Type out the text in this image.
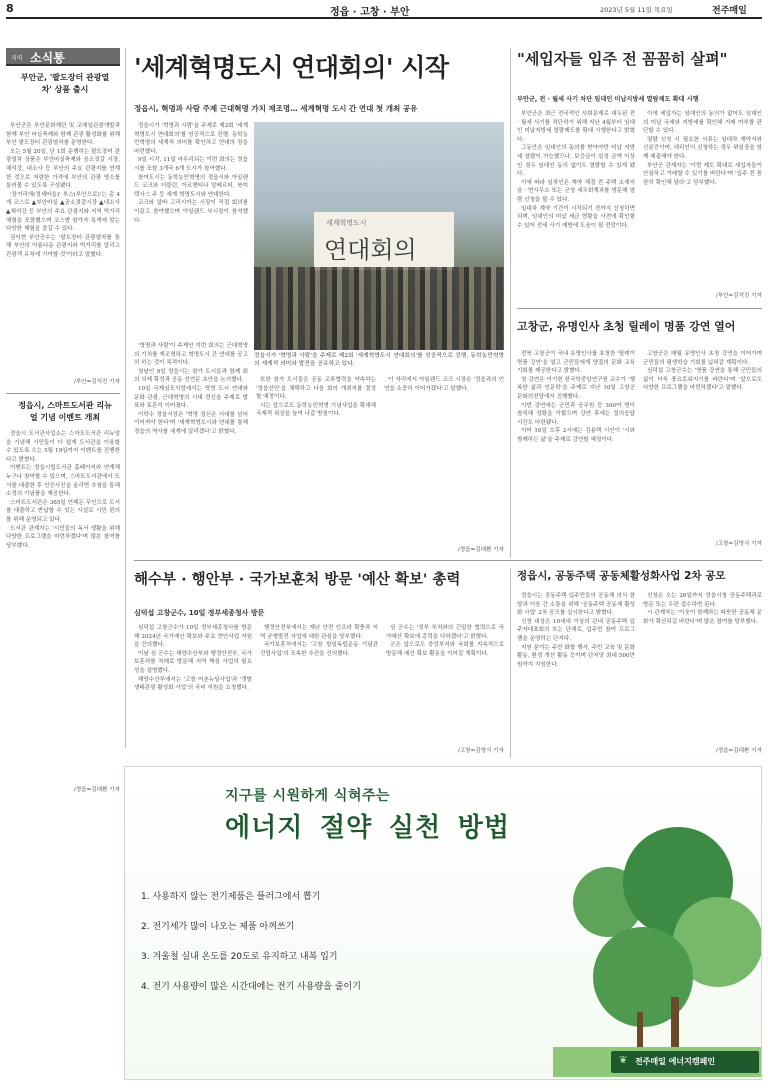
8	정읍 · 고창 · 부안	2023년 5월 11일 목요일	전주매일
지역 소식통
부안군, '팔도장터 관광열차' 상품 출시

부안군은 부안문화재단 및 코레일관광개발과 함께 부안 마실축제와 함께 관광 활성화를 위해 부안 팔도장터 관광열차를 운영한다.

오는 5월 20일, 단 1회 운행하는 팔도장터 관광열차 상품은 부안마실축제와 곰소젓갈 시장, 채석강, 내소사 등 부안의 주요 관광지를 연계한 것으로 저렴한 가격에 부안의 관광 명소를 둘러볼 수 있도록 구성됐다.

'장거리에(정세마을)' 부스(부안으로)'는 총 4개 코스로 ▲부안마실 ▲곰소젓갈시장 ▲내소사 ▲채석강 등 부안의 주요 관광지와 지역 먹거리 체험을 포함했으며 코스별 참가자 특색에 맞는 다양한 체험을 즐길 수 있다.

권익현 부안군수는 '팔도장터 관광열차를 통해 부안의 아름다운 관광지와 먹거리를 알리고 관광객 유치에 기여할 것'이라고 말했다.

/부안=김석진 기자
정읍시, 스마트도서관 리뉴얼 기념 이벤트 개최

정읍시 도서관사업소는 스마트도서관 리뉴얼을 기념해 시민들이 더 쉽게 도서관을 이용할 수 있도록 오는 5월 19일까지 이벤트를 진행한다고 밝혔다.

이벤트는 정읍시립도서관 홈페이지와 연계해 누구나 참여할 수 있으며, 스마트도서관에서 도서를 대출한 후 인증사진을 올리면 추첨을 통해 소정의 기념품을 제공한다.

스마트도서관은 365일 언제든 무인으로 도서를 대출하고 반납할 수 있는 시설로 시민 편의를 위해 운영되고 있다.

도서관 관계자는 '시민들의 독서 생활을 위해 다양한 프로그램을 마련하겠다'며 많은 참여를 당부했다.

/정읍=김대환 기자
'세계혁명도시 연대회의' 시작
정읍시, 혁명과 사람 주제 근대혁명 가치 재조명… 세계혁명 도시 간 연대 첫 개최 공유

정읍시가 '혁명과 사람'을 주제로 제2회 '세계혁명도시 연대회의'를 성공적으로 진행, 동학농민혁명의 세계적 의미를 확인하고 연대의 장을 마련했다.

9일 시작, 11일 마무리되는 이번 회의는 정읍시를 포함 3개국 6개 도시가 참여했다.

참여도시는 동학농민혁명의 정읍시와 아일랜드 코크와 더블린, 아르헨티나 알베르티, 북미 텍사스 주 등 세계 혁명도시와 연대한다.

코크와 알바 고리시아는 시장이 직접 회의를 이끌고 참여했으며 아일랜드 부시장이 참석했다.	세계혁명도시
연대회의
정읍시가 '혁명과 사람'을 주제로 제2회 '세계혁명도시 연대회의'를 성공적으로 진행, 동학농민혁명의 세계적 의미와 발전을 공유하고 있다.

'혁명과 사람'이 주제인 이번 회의는 근대혁명의 가치를 재조명하고 혁명도시 간 연대를 공고히 하는 것이 목적이다.

첫날인 9일 정읍시는 참가 도시들과 함께 회의 의제 확정과 공동 선언문 초안을 논의했다.

10일 국제심포지엄에서는 혁명 도시 연대와 문화 관광, 근대혁명의 시대 정신을 주제로 발표와 토론이 이어졌다.

이학수 정읍시장은 '혁명 정신은 시대를 넘어 이어져야 한다'며 '세계혁명도시와 연대를 통해 정읍의 역사를 세계에 알리겠다'고 밝혔다.

또한 참가 도시들은 공동 교류협력을 약속하는 '정읍선언'을 채택하고 다음 회의 개최지를 결정할 예정이다.

시는 앞으로도 동학농민혁명 기념사업을 확대해 국제적 위상을 높여 나갈 방침이다.

이 자리에서 아일랜드 코크 시장은 '정읍과의 인연을 소중히 이어가겠다'고 말했다.

/정읍=김대환 기자
"세입자들 입주 전 꼼꼼히 살펴"
부안군, 전 · 월세 사기 차단 임대인 미납지방세 열람제도 확대 시행

부안군은 최근 전국적인 사회문제로 대두된 전 · 월세 사기를 차단하기 위해 지난 4월부터 임대인 미납지방세 열람제도를 확대 시행한다고 밝혔다.

그동안은 임대인의 동의를 받아야만 미납 지방세 열람이 가능했으나, 보증금이 일정 금액 이상인 경우 임대인 동의 없이도 열람할 수 있게 됐다.

이에 따라 임차인은 계약 체결 전 주택 소재지 읍 · 면사무소 또는 군청 세무회계과를 방문해 열람 신청을 할 수 있다.

임대차 계약 기간이 시작되기 전까지 신청하면 되며, 임대인의 미납 세금 현황을 사전에 확인할 수 있어 전세 사기 예방에 도움이 될 전망이다.

이에 세입자는 임대인의 동의가 없어도 임대인의 미납 국세와 지방세를 확인해 거래 여부를 판단할 수 있다.

열람 신청 시 필요한 서류는 임대차 계약서와 신분증이며, 대리인이 신청하는 경우 위임장을 함께 제출해야 한다.

부안군 관계자는 '이번 제도 확대로 세입자들이 안심하고 거래할 수 있기를 바란다'며 '입주 전 꼼꼼히 확인해 달라'고 당부했다.

/부안=김석진 기자
고창군, 유명인사 초청 릴레이 명품 강연 열어

전북 고창군이 국내 유명인사를 초청한 '릴레이 명품 강연'을 열고 군민들에게 양질의 문화 교육 기회를 제공한다고 밝혔다.

첫 강연은 이기헌 한국학중앙연구원 교수가 '행복한 삶과 인문학'을 주제로 지난 10일 고창군 문화의전당에서 진행했다.

이번 강연에는 군민과 공무원 등 300여 명이 참석해 성황을 이뤘으며 강연 후에는 질의응답 시간도 마련됐다.

이어 16일 오후 2시에는 김용택 시인이 '시와 함께하는 삶'을 주제로 강연할 예정이다.

고창군은 매월 유명인사 초청 강연을 이어가며 군민들의 평생학습 기회를 넓혀갈 계획이다.

심덕섭 고창군수는 '명품 강연을 통해 군민들의 삶이 더욱 풍요로워지기를 바란다'며 '앞으로도 다양한 프로그램을 마련하겠다'고 말했다.

/고창=김영식 기자
해수부 · 행안부 · 국가보훈처 방문 '예산 확보' 총력
심덕섭 고창군수, 10일 정부세종청사 방문

심덕섭 고창군수가 10일 정부세종청사를 방문해 2024년 국가예산 확보와 주요 현안사업 지원을 건의했다.

이날 심 군수는 해양수산부와 행정안전부, 국가보훈처를 차례로 방문해 지역 핵심 사업의 필요성을 설명했다.

해양수산부에서는 '고창 어촌뉴딜사업'과 '갯벌 생태관광 활성화 사업'의 국비 지원을 요청했다.

행정안전부에서는 재난 안전 인프라 확충과 지역 균형발전 사업에 대한 관심을 당부했다.

국가보훈처에서는 '고창 항일독립운동 기념관 건립사업'의 조속한 추진을 건의했다.

심 군수는 '정부 부처와의 긴밀한 협력으로 국가예산 확보에 총력을 다하겠다'고 밝혔다.

군은 앞으로도 중앙부처와 국회를 지속적으로 방문해 예산 확보 활동을 이어갈 계획이다.

/고창=김영식 기자
정읍시, 공동주택 공동체활성화사업 2차 공모

정읍시는 공동주택 입주민들의 공동체 의식 함양과 이웃 간 소통을 위해 '공동주택 공동체 활성화 사업' 2차 공모를 실시한다고 밝혔다.

신청 대상은 10세대 이상의 관내 공동주택 입주자대표회의 또는 단체로, 입주민 참여 프로그램을 운영하는 단지다.

지원 분야는 주민 화합 행사, 주민 교육 및 문화 활동, 환경 개선 활동 등이며 단지당 최대 500만 원까지 지원한다.

신청은 오는 26일까지 정읍시청 공동주택과로 방문 또는 우편 접수하면 된다.

시 관계자는 '이웃이 함께하는 따뜻한 공동체 문화가 확산되길 바란다'며 많은 참여를 당부했다.

/정읍=김대환 기자
지구를 시원하게 식혀주는
에너지 절약 실천 방법
1. 사용하지 않는 전기제품은 플러그에서 뽑기
2. 전기세가 많이 나오는 제품 아껴쓰기
3. 겨울철 실내 온도를 20도로 유지하고 내복 입기
4. 전기 사용량이 많은 시간대에는 전기 사용량을 줄이기
❦ 전주매일 에너지캠페인
